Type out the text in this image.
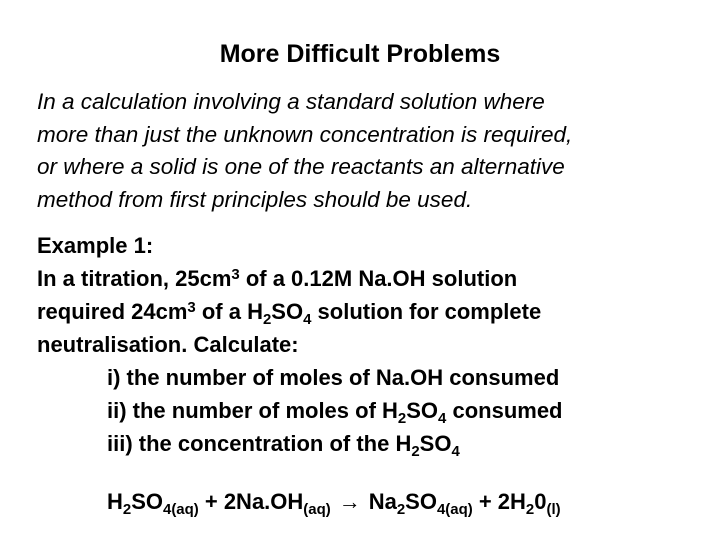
More Difficult Problems
In a calculation involving a standard solution where
more than just the unknown concentration is required,
or where a solid is one of the reactants an alternative
method from first principles should be used.
Example 1:
In a titration, $25cm^3$ of a 0.12M Na.OH solution
required $24cm^3$ of a $H_2SO_4$ solution for complete
neutralisation. Calculate:
i) the number of moles of Na.OH consumed
ii) the number of moles of $H_2SO_4$ consumed
iii) the concentration of the $H_2SO_4$
$H_2SO_{4(aq)} + 2Na.OH_{(aq)} \to Na_2SO_{4(aq)} + 2H_20_{(l)}$
